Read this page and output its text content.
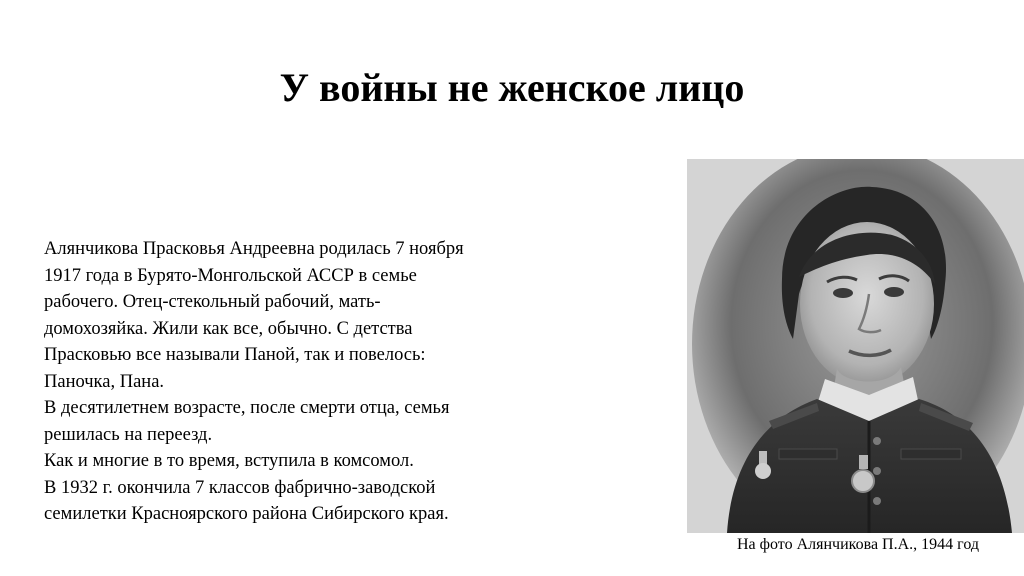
У войны не женское лицо
Алянчикова Прасковья Андреевна родилась 7 ноября
1917 года в Бурято-Монгольской АССР в семье
рабочего. Отец-стекольный рабочий, мать-
домохозяйка. Жили как все, обычно. С детства
Прасковью все называли Паной, так и повелось:
Паночка, Пана.
В десятилетнем возрасте, после смерти отца, семья
решилась на переезд.
Как и многие в то время, вступила в комсомол.
В 1932 г. окончила 7 классов фабрично-заводской
семилетки Красноярского района Сибирского края.
На фото Алянчикова П.А., 1944 год
